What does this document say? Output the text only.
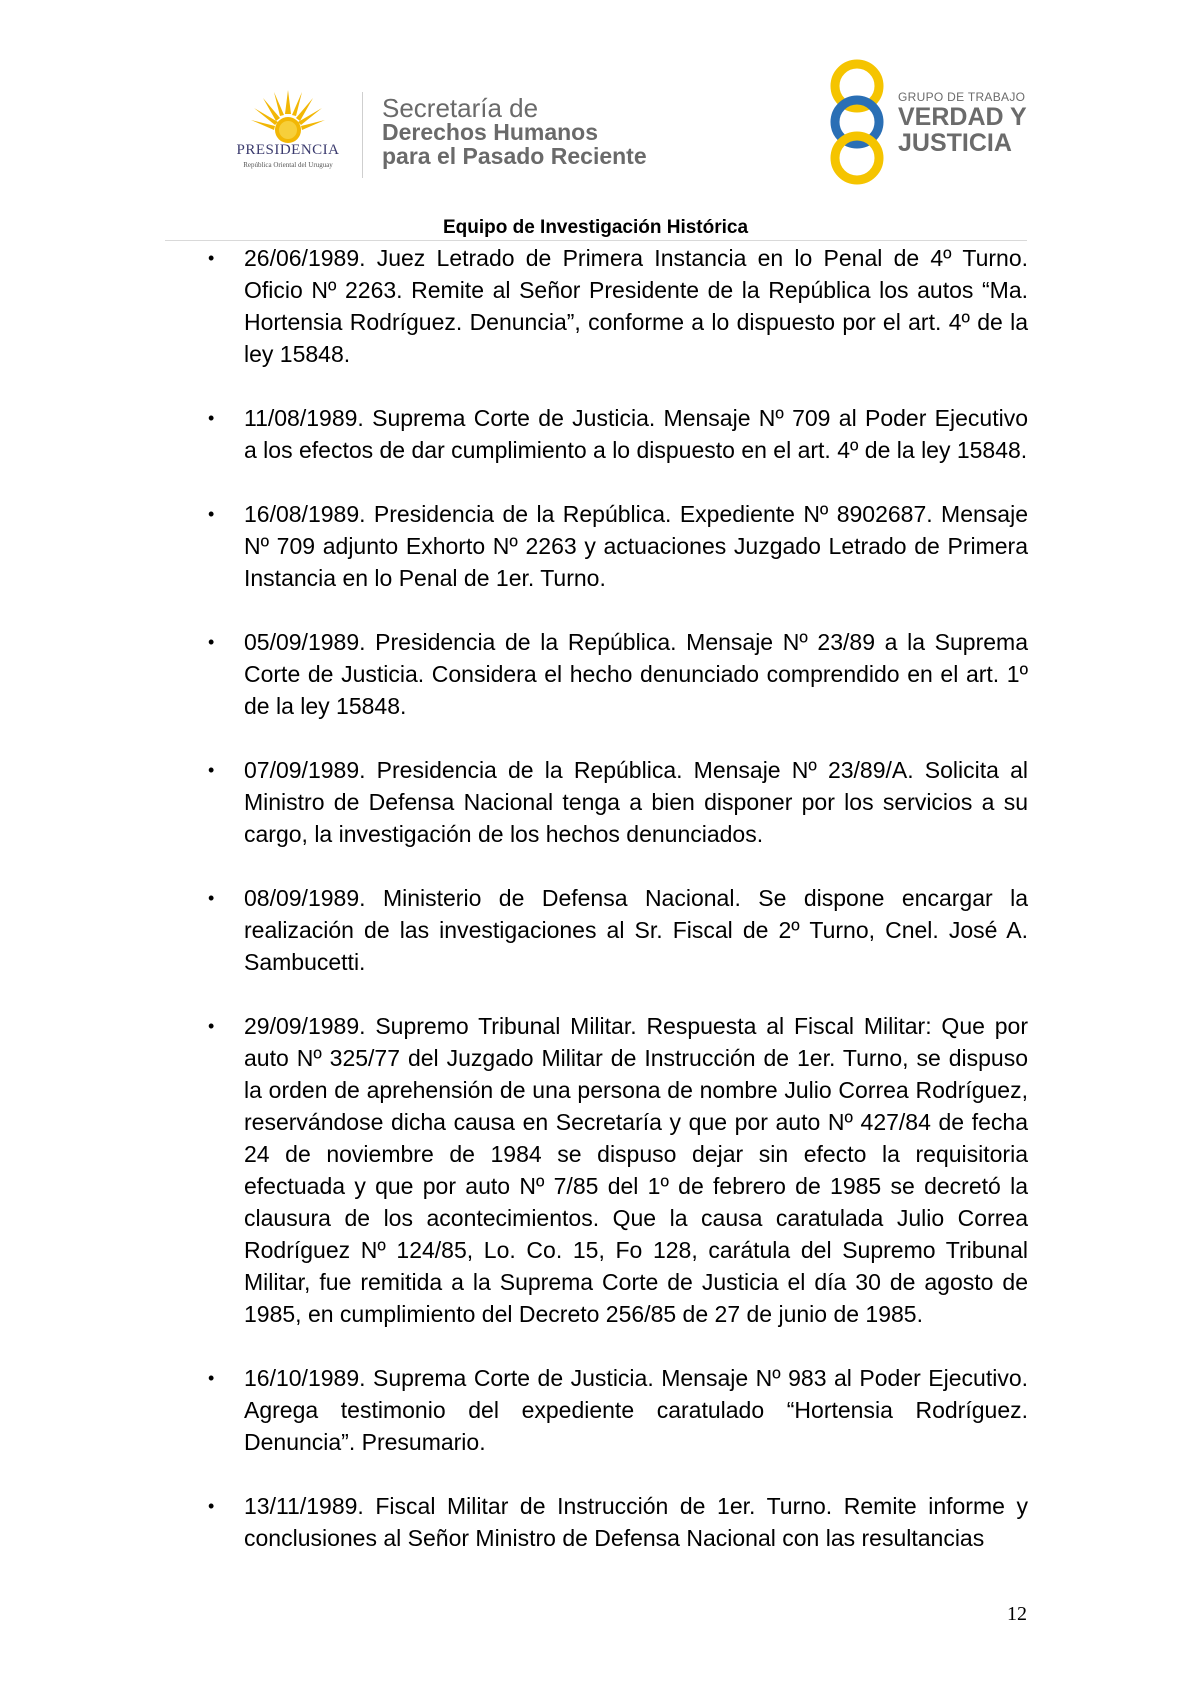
PRESIDENCIA
República Oriental del Uruguay
Secretaría de
Derechos Humanos
para el Pasado Reciente
GRUPO DE TRABAJO
VERDAD Y
JUSTICIA
Equipo de Investigación Histórica
• 26/06/1989. Juez Letrado de Primera Instancia en lo Penal de 4º Turno. Oficio Nº 2263. Remite al Señor Presidente de la República los autos “Ma. Hortensia Rodríguez. Denuncia”, conforme a lo dispuesto por el art. 4º de la ley 15848.
• 11/08/1989. Suprema Corte de Justicia. Mensaje Nº 709 al Poder Ejecutivo a los efectos de dar cumplimiento a lo dispuesto en el art. 4º de la ley 15848.
• 16/08/1989. Presidencia de la República. Expediente Nº 8902687. Mensaje Nº 709 adjunto Exhorto Nº 2263 y actuaciones Juzgado Letrado de Primera Instancia en lo Penal de 1er. Turno.
• 05/09/1989. Presidencia de la República. Mensaje Nº 23/89 a la Suprema Corte de Justicia. Considera el hecho denunciado comprendido en el art. 1º de la ley 15848.
• 07/09/1989. Presidencia de la República. Mensaje Nº 23/89/A. Solicita al Ministro de Defensa Nacional tenga a bien disponer por los servicios a su cargo, la investigación de los hechos denunciados.
• 08/09/1989. Ministerio de Defensa Nacional. Se dispone encargar la realización de las investigaciones al Sr. Fiscal de 2º Turno, Cnel. José A. Sambucetti.
• 29/09/1989. Supremo Tribunal Militar. Respuesta al Fiscal Militar: Que por auto Nº 325/77 del Juzgado Militar de Instrucción de 1er. Turno, se dispuso la orden de aprehensión de una persona de nombre Julio Correa Rodríguez, reservándose dicha causa en Secretaría y que por auto Nº 427/84 de fecha 24 de noviembre de 1984 se dispuso dejar sin efecto la requisitoria efectuada y que por auto Nº 7/85 del 1º de febrero de 1985 se decretó la clausura de los acontecimientos. Que la causa caratulada Julio Correa Rodríguez Nº 124/85, Lo. Co. 15, Fo 128, carátula del Supremo Tribunal Militar, fue remitida a la Suprema Corte de Justicia el día 30 de agosto de 1985, en cumplimiento del Decreto 256/85 de 27 de junio de 1985.
• 16/10/1989. Suprema Corte de Justicia. Mensaje Nº 983 al Poder Ejecutivo. Agrega testimonio del expediente caratulado “Hortensia Rodríguez. Denuncia”. Presumario.
• 13/11/1989. Fiscal Militar de Instrucción de 1er. Turno. Remite informe y conclusiones al Señor Ministro de Defensa Nacional con las resultancias
12
